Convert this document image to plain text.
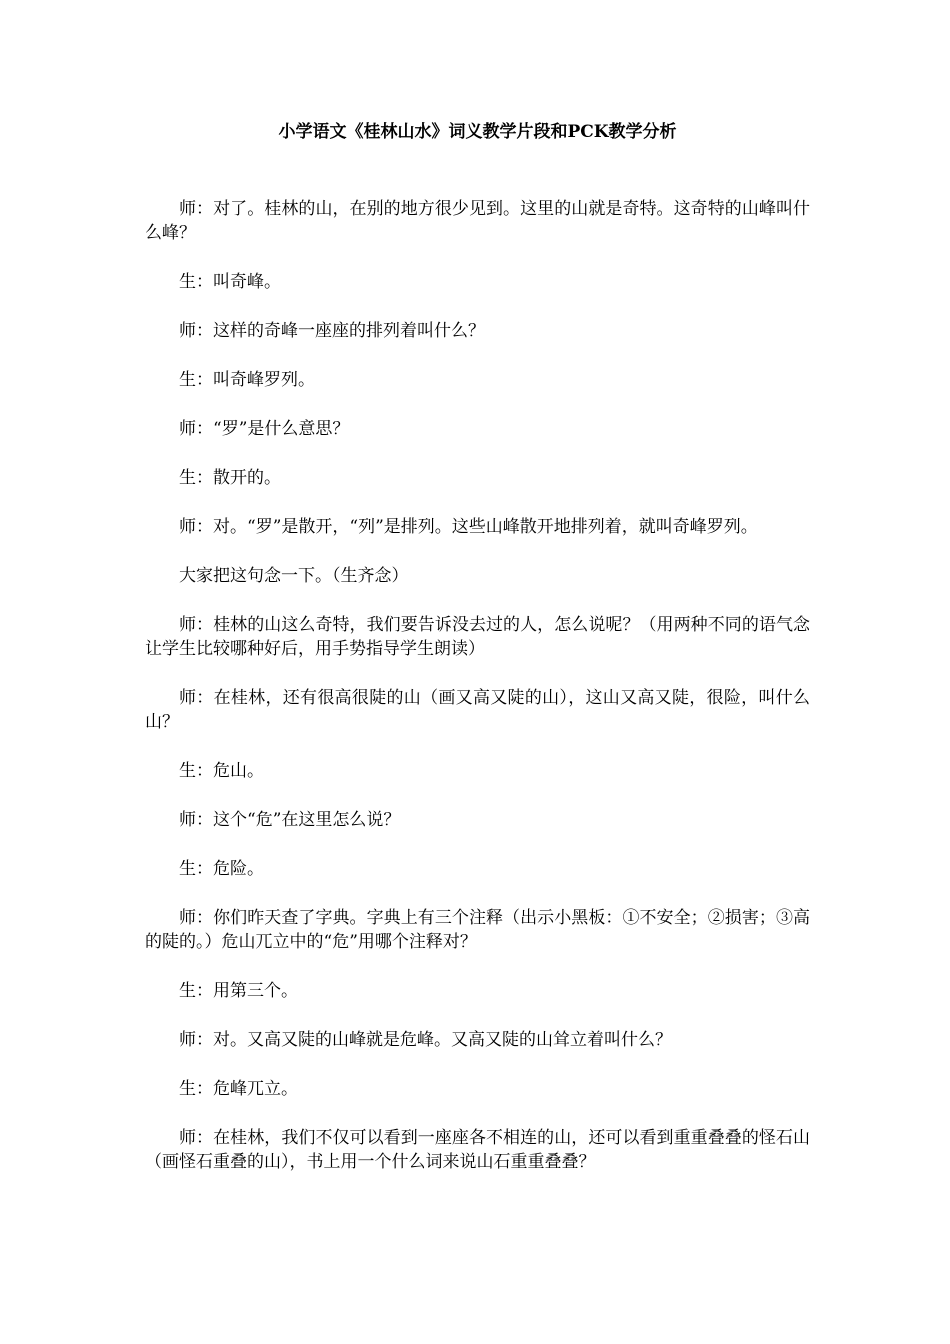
小学语文《桂林山水》词义教学片段和PCK教学分析

师：对了。桂林的山，在别的地方很少见到。这里的山就是奇特。这奇特的山峰叫什么峰？

生：叫奇峰。

师：这样的奇峰一座座的排列着叫什么？

生：叫奇峰罗列。

师：“罗”是什么意思？

生：散开的。

师：对。“罗”是散开，“列”是排列。这些山峰散开地排列着，就叫奇峰罗列。

大家把这句念一下。（生齐念）

师：桂林的山这么奇特，我们要告诉没去过的人，怎么说呢？（用两种不同的语气念让学生比较哪种好后，用手势指导学生朗读）

师：在桂林，还有很高很陡的山（画又高又陡的山），这山又高又陡，很险，叫什么山？

生：危山。

师：这个“危”在这里怎么说？

生：危险。

师：你们昨天查了字典。字典上有三个注释（出示小黑板：①不安全；②损害；③高的陡的。）危山兀立中的“危”用哪个注释对？

生：用第三个。

师：对。又高又陡的山峰就是危峰。又高又陡的山耸立着叫什么？

生：危峰兀立。

师：在桂林，我们不仅可以看到一座座各不相连的山，还可以看到重重叠叠的怪石山（画怪石重叠的山），书上用一个什么词来说山石重重叠叠？
